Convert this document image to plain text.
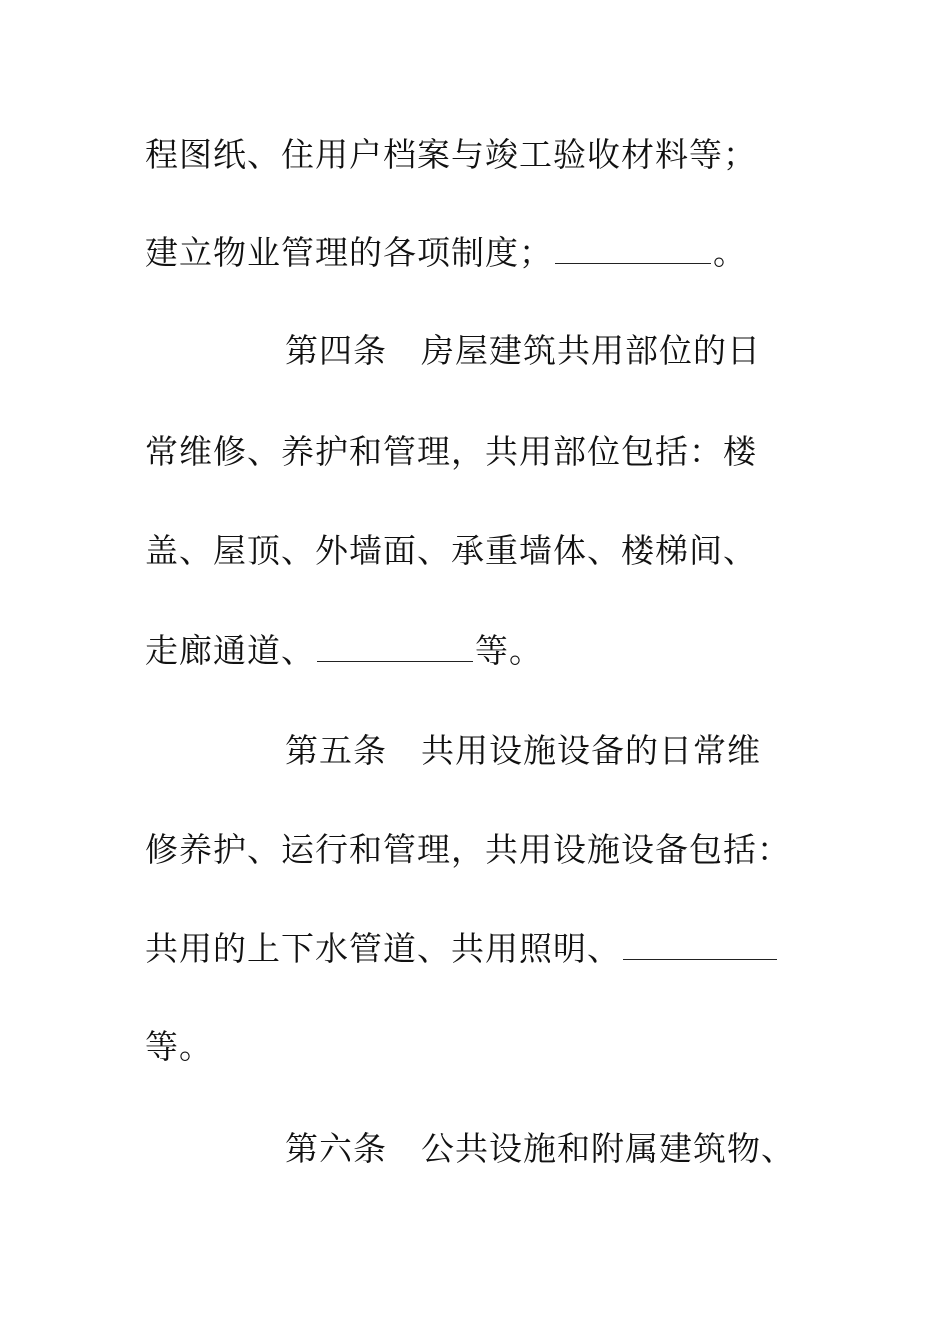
程图纸、住用户档案与竣工验收材料等；
建立物业管理的各项制度；	。
第四条 房屋建筑共用部位的日
常维修、养护和管理，共用部位包括：楼
盖、屋顶、外墙面、承重墙体、楼梯间、
走廊通道、	等。
第五条 共用设施设备的日常维
修养护、运行和管理，共用设施设备包括：
共用的上下水管道、共用照明、
等。
第六条 公共设施和附属建筑物、
